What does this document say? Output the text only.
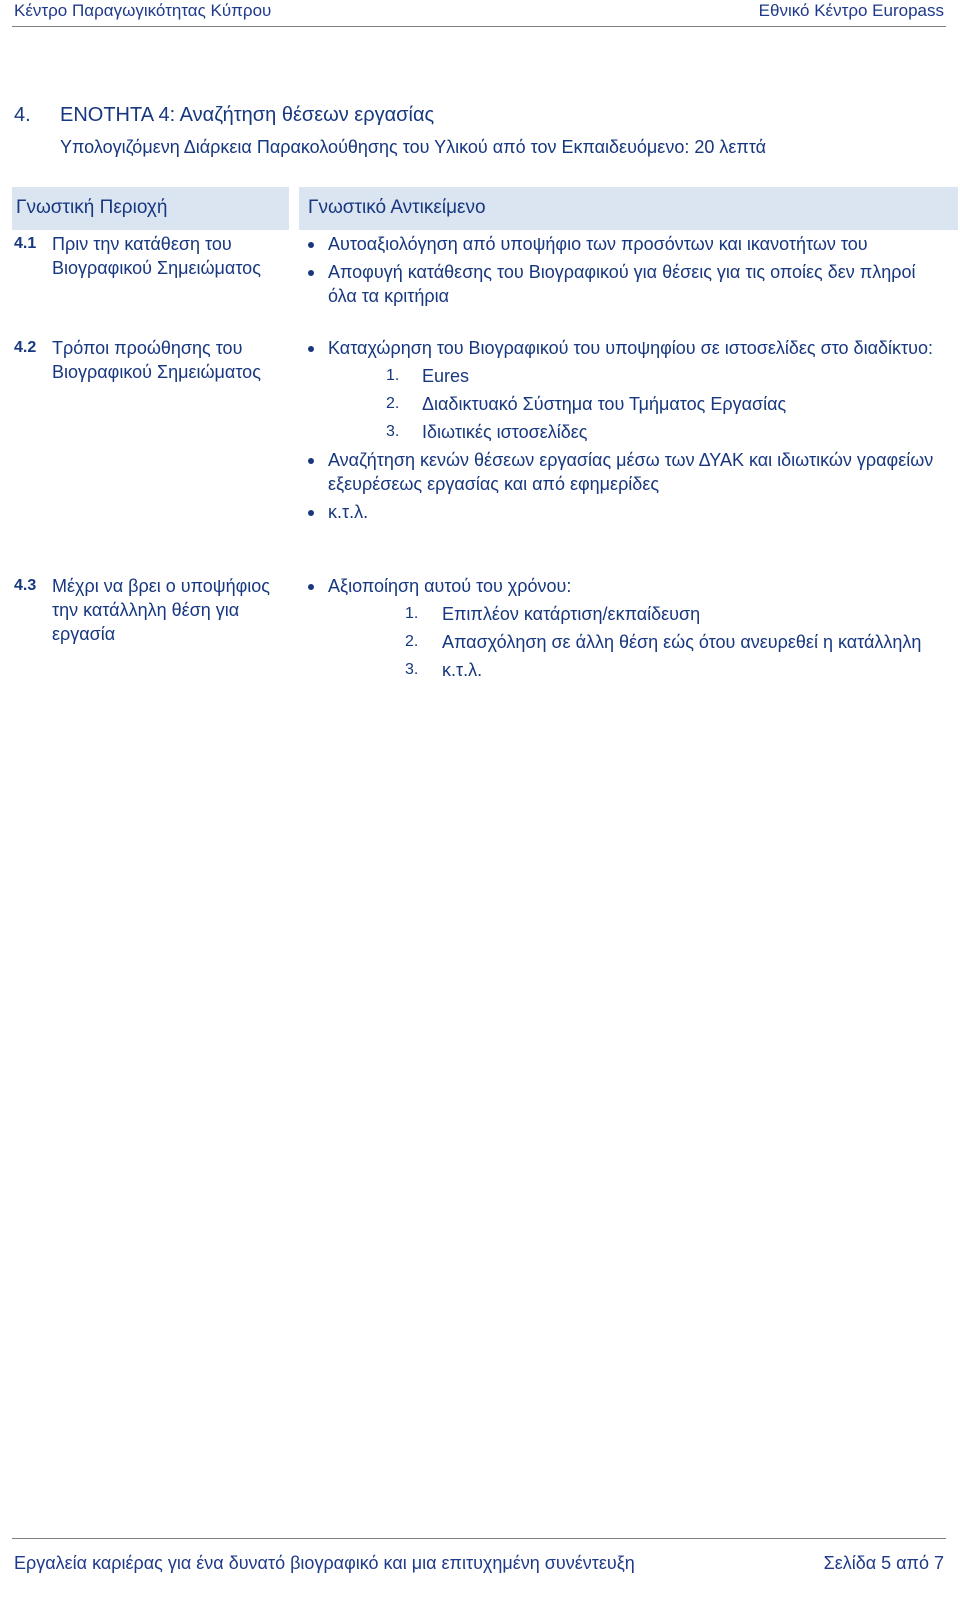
Κέντρο Παραγωγικότητας Κύπρου	Εθνικό Κέντρο Europass
4. ΕΝΟΤΗΤΑ 4: Αναζήτηση θέσεων εργασίας
Υπολογιζόμενη Διάρκεια Παρακολούθησης του Υλικού από τον Εκπαιδευόμενο: 20 λεπτά
Γνωστική Περιοχή	Γνωστικό Αντικείμενο
4.1 Πριν την κατάθεση του Βιογραφικού Σημειώματος
Αυτοαξιολόγηση από υποψήφιο των προσόντων και ικανοτήτων του
Αποφυγή κατάθεσης του Βιογραφικού για θέσεις για τις οποίες δεν πληροί όλα τα κριτήρια
4.2 Τρόποι προώθησης του Βιογραφικού Σημειώματος
Καταχώρηση του Βιογραφικού του υποψηφίου σε ιστοσελίδες στο διαδίκτυο:
1. Eures
2. Διαδικτυακό Σύστημα του Τμήματος Εργασίας
3. Ιδιωτικές ιστοσελίδες
Αναζήτηση κενών θέσεων εργασίας μέσω των ΔΥΑΚ και ιδιωτικών γραφείων εξευρέσεως εργασίας και από εφημερίδες
κ.τ.λ.
4.3 Μέχρι να βρει ο υποψήφιος την κατάλληλη θέση για εργασία
Αξιοποίηση αυτού του χρόνου:
1. Επιπλέον κατάρτιση/εκπαίδευση
2. Απασχόληση σε άλλη θέση εώς ότου ανευρεθεί η κατάλληλη
3. κ.τ.λ.
Εργαλεία καριέρας για ένα δυνατό βιογραφικό και μια επιτυχημένη συνέντευξη	Σελίδα 5 από 7
